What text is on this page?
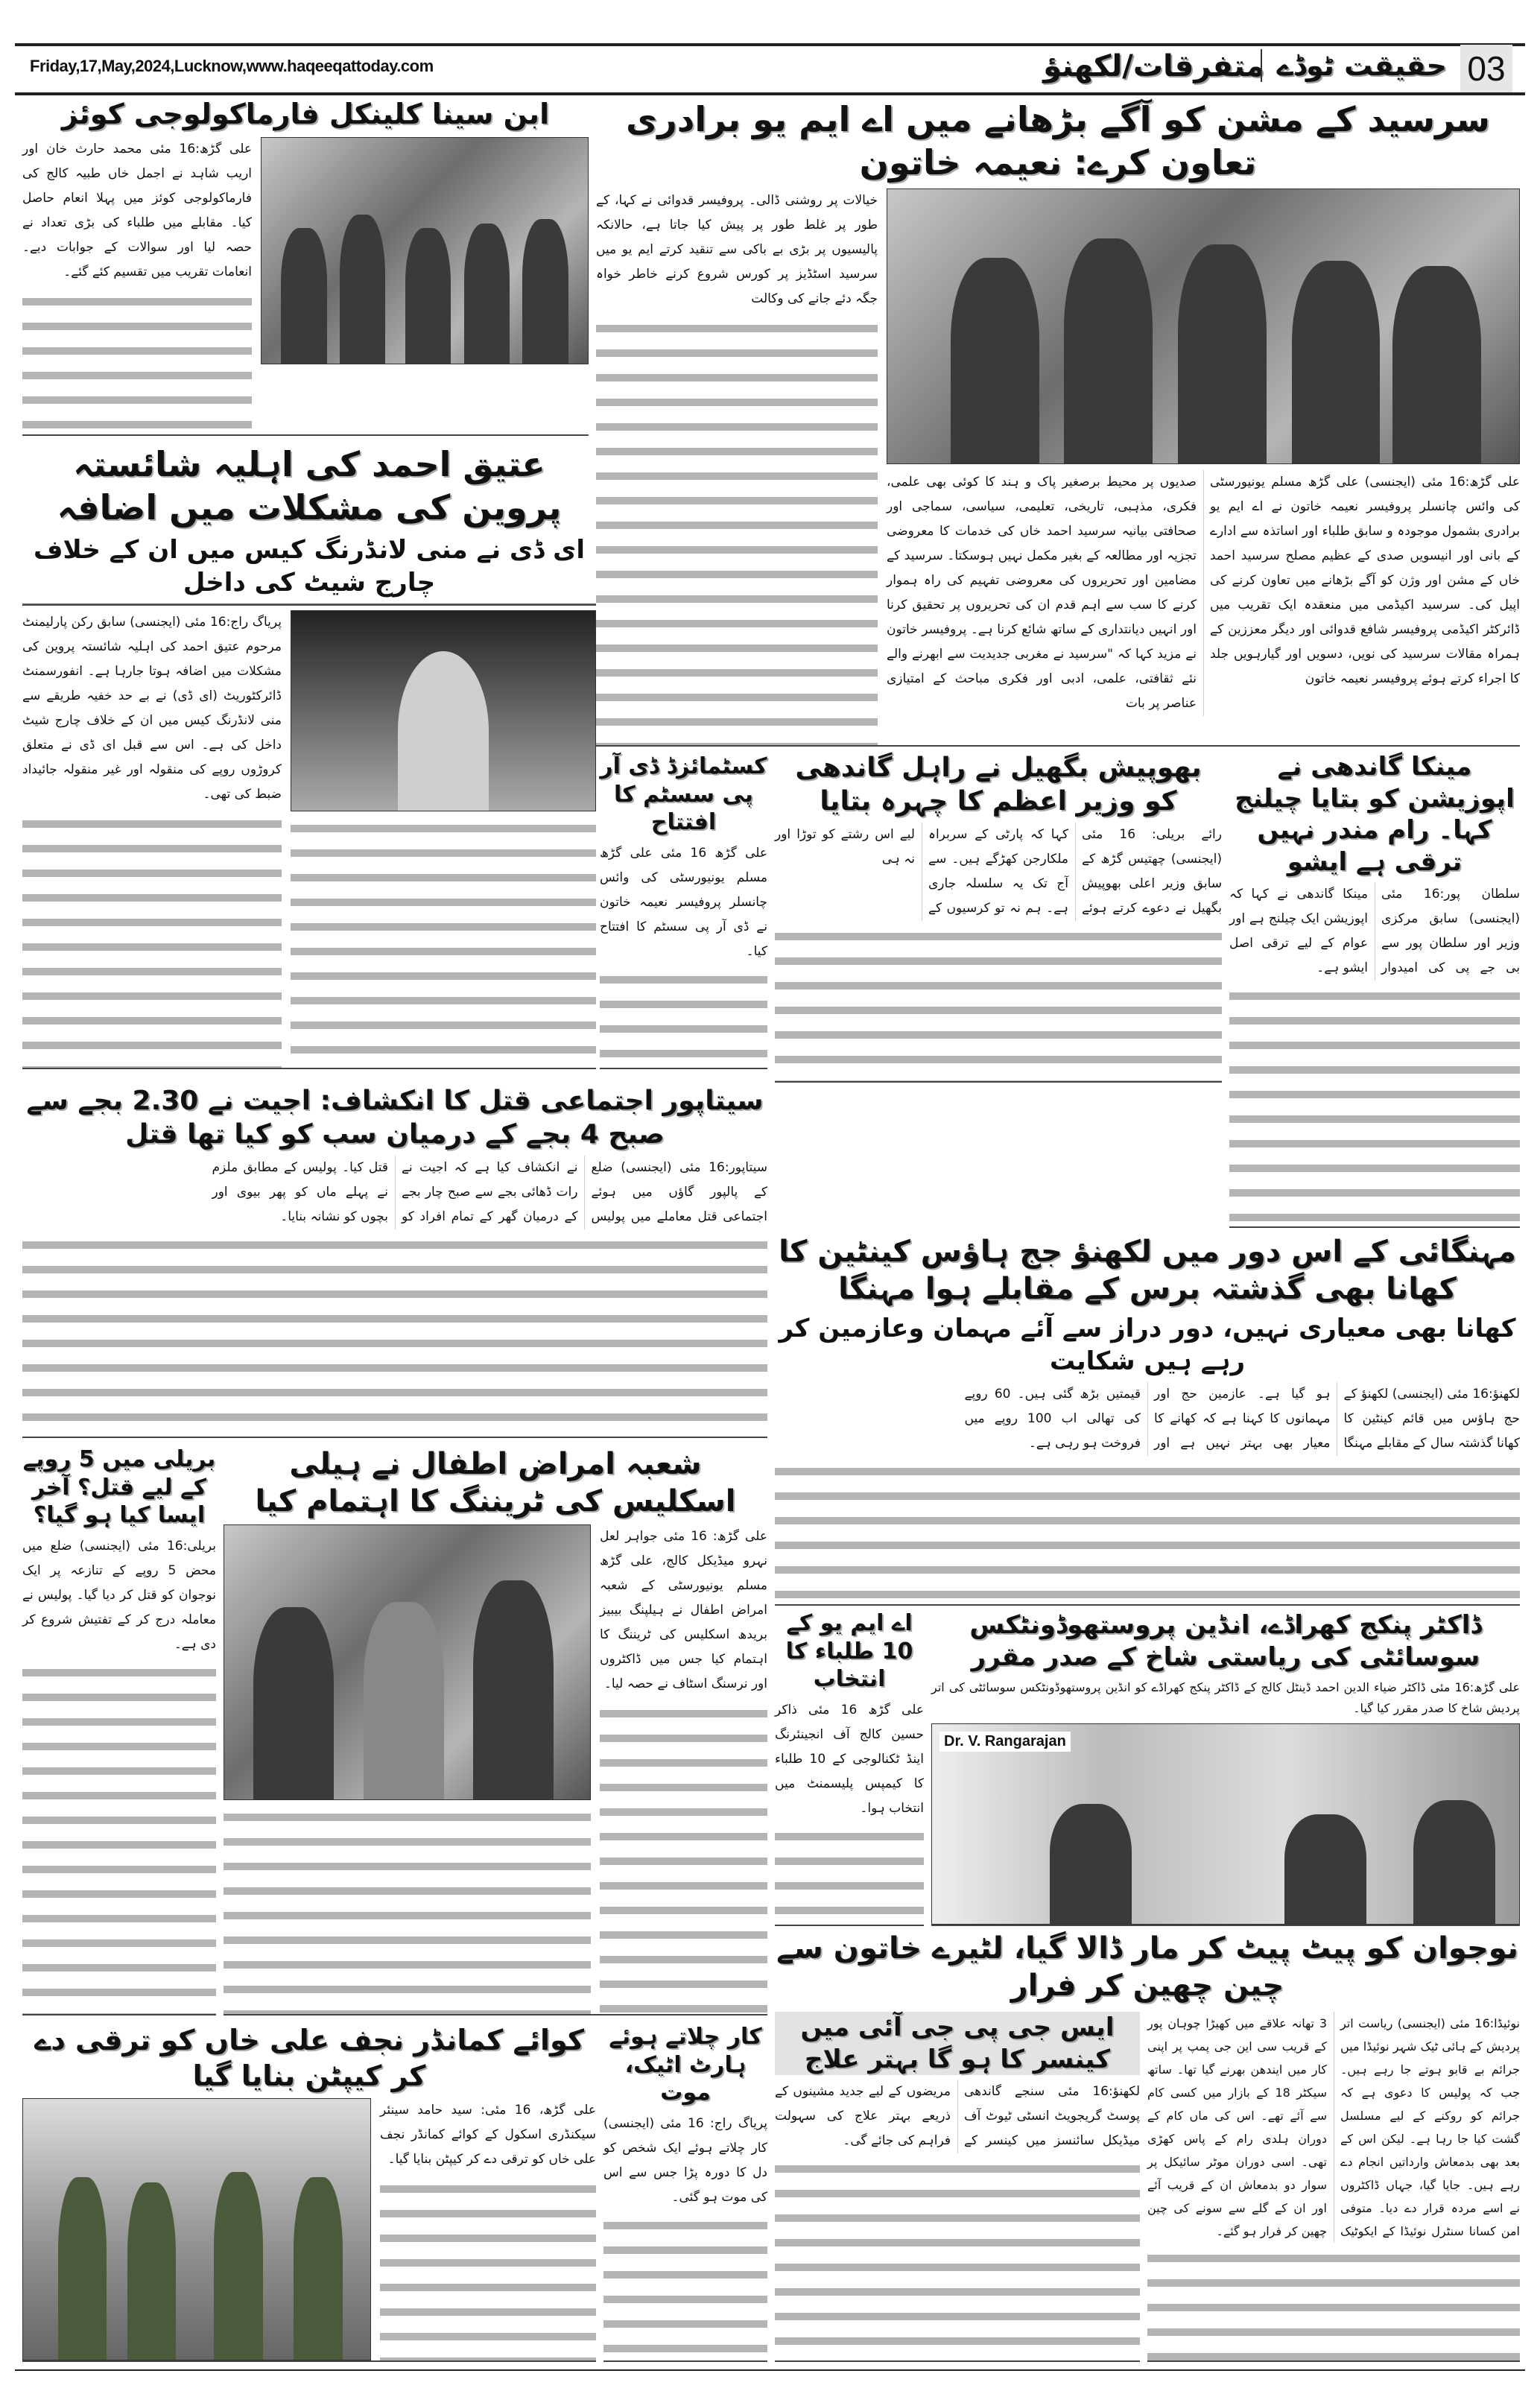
Friday,17,May,2024,Lucknow,www.haqeeqattoday.com	متفرقات/لکھنؤ حقیقت ٹوڈے 03
سرسید کے مشن کو آگے بڑھانے میں اے ایم یو برادری تعاون کرے: نعیمہ خاتون

علی گڑھ:16 مئی (ایجنسی) علی گڑھ مسلم یونیورسٹی کی وائس چانسلر پروفیسر نعیمہ خاتون نے اے ایم یو برادری بشمول موجودہ و سابق طلباء اور اساتذہ سے ادارے کے بانی اور انیسویں صدی کے عظیم مصلح سرسید احمد خاں کے مشن اور وژن کو آگے بڑھانے میں تعاون کرنے کی اپیل کی۔ سرسید اکیڈمی میں منعقدہ ایک تقریب میں ڈائرکٹر اکیڈمی پروفیسر شافع قدوائی اور دیگر معززین کے ہمراہ مقالات سرسید کی نویں، دسویں اور گیارہویں جلد کا اجراء کرتے ہوئے پروفیسر نعیمہ خاتون

صدیوں پر محیط برصغیر پاک و ہند کا کوئی بھی علمی، فکری، مذہبی، تاریخی، تعلیمی، سیاسی، سماجی اور صحافتی بیانیہ سرسید احمد خاں کی خدمات کا معروضی تجزیہ اور مطالعہ کے بغیر مکمل نہیں ہوسکتا۔ سرسید کے مضامین اور تحریروں کی معروضی تفہیم کی راہ ہموار کرنے کا سب سے اہم قدم ان کی تحریروں پر تحقیق کرنا اور انہیں دیانتداری کے ساتھ شائع کرنا ہے۔ پروفیسر خاتون نے مزید کہا کہ "سرسید نے مغربی جدیدیت سے ابھرنے والے نئے ثقافتی، علمی، ادبی اور فکری مباحث کے امتیازی عناصر پر بات

خیالات پر روشنی ڈالی۔ پروفیسر قدوائی نے کہا، کے طور پر غلط طور پر پیش کیا جاتا ہے، حالانکہ پالیسیوں پر بڑی بے باکی سے تنقید کرتے ایم یو میں سرسید اسٹڈیز پر کورس شروع کرنے خاطر خواہ جگہ دئے جانے کی وکالت

ابن سینا کلینکل فارماکولوجی کوئز

علی گڑھ:16 مئی محمد حارث خان اور اریب شاہد نے اجمل خاں طبیہ کالج کی فارماکولوجی کوئز میں پہلا انعام حاصل کیا۔ مقابلے میں طلباء کی بڑی تعداد نے حصہ لیا اور سوالات کے جوابات دیے۔ انعامات تقریب میں تقسیم کئے گئے۔

عتیق احمد کی اہلیہ شائستہ پروین کی مشکلات میں اضافہ
ای ڈی نے منی لانڈرنگ کیس میں ان کے خلاف چارج شیٹ کی داخل

پریاگ راج:16 مئی (ایجنسی) سابق رکن پارلیمنٹ مرحوم عتیق احمد کی اہلیہ شائستہ پروین کی مشکلات میں اضافہ ہوتا جارہا ہے۔ انفورسمنٹ ڈائرکٹوریٹ (ای ڈی) نے بے حد خفیہ طریقے سے منی لانڈرنگ کیس میں ان کے خلاف چارج شیٹ داخل کی ہے۔ اس سے قبل ای ڈی نے متعلق کروڑوں روپے کی منقولہ اور غیر منقولہ جائیداد ضبط کی تھی۔

کسٹمائزڈ ڈی آر پی سسٹم کا افتتاح

علی گڑھ 16 مئی علی گڑھ مسلم یونیورسٹی کی وائس چانسلر پروفیسر نعیمہ خاتون نے ڈی آر پی سسٹم کا افتتاح کیا۔

بھوپیش بگھیل نے راہل گاندھی کو وزیر اعظم کا چہرہ بتایا

رائے بریلی: 16 مئی (ایجنسی) چھتیس گڑھ کے سابق وزیر اعلی بھوپیش بگھیل نے دعوے کرتے ہوئے کہا کہ پارٹی کے سربراہ ملکارجن کھڑگے ہیں۔ سے آج تک یہ سلسلہ جاری ہے۔ ہم نہ تو کرسیوں کے لیے اس رشتے کو توڑا اور نہ ہی

مینکا گاندھی نے اپوزیشن کو بتایا چیلنج کہا۔ رام مندر نہیں ترقی ہے ایشو

سلطان پور:16 مئی (ایجنسی) سابق مرکزی وزیر اور سلطان پور سے بی جے پی کی امیدوار مینکا گاندھی نے کہا کہ اپوزیشن ایک چیلنج ہے اور عوام کے لیے ترقی اصل ایشو ہے۔

سیتاپور اجتماعی قتل کا انکشاف: اجیت نے 2.30 بجے سے صبح 4 بجے کے درمیان سب کو کیا تھا قتل

سیتاپور:16 مئی (ایجنسی) ضلع کے پالپور گاؤں میں ہوئے اجتماعی قتل معاملے میں پولیس نے انکشاف کیا ہے کہ اجیت نے رات ڈھائی بجے سے صبح چار بجے کے درمیان گھر کے تمام افراد کو قتل کیا۔ پولیس کے مطابق ملزم نے پہلے ماں کو پھر بیوی اور بچوں کو نشانہ بنایا۔

مہنگائی کے اس دور میں لکھنؤ جج ہاؤس کینٹین کا کھانا بھی گذشتہ برس کے مقابلے ہوا مہنگا
کھانا بھی معیاری نہیں، دور دراز سے آئے مہمان وعازمین کر رہے ہیں شکایت

لکھنؤ:16 مئی (ایجنسی) لکھنؤ کے حج ہاؤس میں قائم کینٹین کا کھانا گذشتہ سال کے مقابلے مہنگا ہو گیا ہے۔ عازمین حج اور مہمانوں کا کہنا ہے کہ کھانے کا معیار بھی بہتر نہیں ہے اور قیمتیں بڑھ گئی ہیں۔ 60 روپے کی تھالی اب 100 روپے میں فروخت ہو رہی ہے۔

بریلی میں 5 روپے کے لیے قتل؟ آخر ایسا کیا ہو گیا؟

بریلی:16 مئی (ایجنسی) ضلع میں محض 5 روپے کے تنازعہ پر ایک نوجوان کو قتل کر دیا گیا۔ پولیس نے معاملہ درج کر کے تفتیش شروع کر دی ہے۔

شعبہ امراض اطفال نے ہیلی اسکلیس کی ٹریننگ کا اہتمام کیا

علی گڑھ: 16 مئی جواہر لعل نہرو میڈیکل کالج، علی گڑھ مسلم یونیورسٹی کے شعبہ امراض اطفال نے ہیلپنگ بیبیز بریدھ اسکلیس کی ٹریننگ کا اہتمام کیا جس میں ڈاکٹروں اور نرسنگ اسٹاف نے حصہ لیا۔

اے ایم یو کے 10 طلباء کا انتخاب

علی گڑھ 16 مئی ذاکر حسین کالج آف انجینئرنگ اینڈ ٹکنالوجی کے 10 طلباء کا کیمپس پلیسمنٹ میں انتخاب ہوا۔

ڈاکٹر پنکج کھراڈے، انڈین پروستھوڈونٹکس سوسائٹی کی ریاستی شاخ کے صدر مقرر

علی گڑھ:16 مئی ڈاکٹر ضیاء الدین احمد ڈینٹل کالج کے ڈاکٹر پنکج کھراڈے کو انڈین پروستھوڈونٹکس سوسائٹی کی اتر پردیش شاخ کا صدر مقرر کیا گیا۔

Dr. V. Rangarajan
نوجوان کو پیٹ پیٹ کر مار ڈالا گیا، لٹیرے خاتون سے چین چھین کر فرار

نوئیڈا:16 مئی (ایجنسی) ریاست اتر پردیش کے ہائی ٹیک شہر نوئیڈا میں جرائم بے قابو ہوتے جا رہے ہیں۔ جب کہ پولیس کا دعوی ہے کہ جرائم کو روکنے کے لیے مسلسل گشت کیا جا رہا ہے۔ لیکن اس کے بعد بھی بدمعاش وارداتیں انجام دے رہے ہیں۔ جایا گیا، جہاں ڈاکٹروں نے اسے مردہ قرار دے دیا۔ متوفی امن کسانا سنٹرل نوئیڈا کے ایکوٹیک 3 تھانہ علاقے میں کھیڑا چوہان پور کے قریب سی این جی پمپ پر اپنی کار میں ایندھن بھرنے گیا تھا۔ ساتھ سیکٹر 18 کے بازار میں کسی کام سے آئے تھے۔ اس کی ماں کام کے دوران ہلدی رام کے پاس کھڑی تھی۔ اسی دوران موٹر سائیکل پر سوار دو بدمعاش ان کے قریب آئے اور ان کے گلے سے سونے کی چین چھین کر فرار ہو گئے۔

ایس جی پی جی آئی میں کینسر کا ہو گا بہتر علاج

لکھنؤ:16 مئی سنجے گاندھی پوسٹ گریجویٹ انسٹی ٹیوٹ آف میڈیکل سائنسز میں کینسر کے مریضوں کے لیے جدید مشینوں کے ذریعے بہتر علاج کی سہولت فراہم کی جائے گی۔

کوائے کمانڈر نجف علی خاں کو ترقی دے کر کیپٹن بنایا گیا

علی گڑھ، 16 مئی: سید حامد سینئر سیکنڈری اسکول کے کوائے کمانڈر نجف علی خاں کو ترقی دے کر کیپٹن بنایا گیا۔

کار چلاتے ہوئے ہارٹ اٹیک، موت

پریاگ راج: 16 مئی (ایجنسی) کار چلاتے ہوئے ایک شخص کو دل کا دورہ پڑا جس سے اس کی موت ہو گئی۔
